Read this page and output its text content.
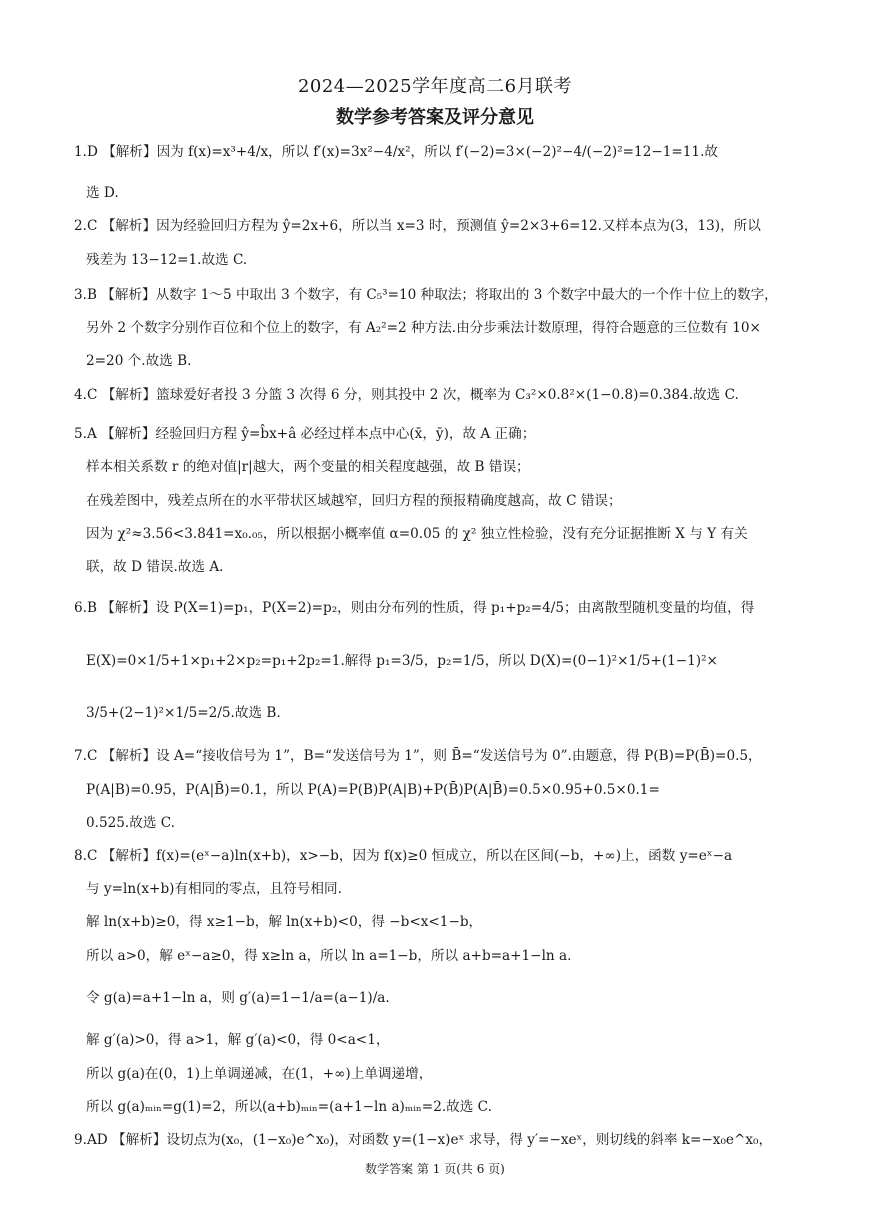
2024—2025学年度高二6月联考
数学参考答案及评分意见
1.D 【解析】因为 f(x)=x³+4/x，所以 f′(x)=3x²−4/x²，所以 f′(−2)=3×(−2)²−4/(−2)²=12−1=11.故
选 D.
2.C 【解析】因为经验回归方程为 ŷ=2x+6，所以当 x=3 时，预测值 ŷ=2×3+6=12.又样本点为(3，13)，所以
残差为 13−12=1.故选 C.
3.B 【解析】从数字 1～5 中取出 3 个数字，有 C₅³=10 种取法；将取出的 3 个数字中最大的一个作十位上的数字，
另外 2 个数字分别作百位和个位上的数字，有 A₂²=2 种方法.由分步乘法计数原理，得符合题意的三位数有 10×
2=20 个.故选 B.
4.C 【解析】篮球爱好者投 3 分篮 3 次得 6 分，则其投中 2 次，概率为 C₃²×0.8²×(1−0.8)=0.384.故选 C.
5.A 【解析】经验回归方程 ŷ=b̂x+â 必经过样本点中心(x̄，ȳ)，故 A 正确；
样本相关系数 r 的绝对值|r|越大，两个变量的相关程度越强，故 B 错误；
在残差图中，残差点所在的水平带状区域越窄，回归方程的预报精确度越高，故 C 错误；
因为 χ²≈3.56<3.841=x₀.₀₅，所以根据小概率值 α=0.05 的 χ² 独立性检验，没有充分证据推断 X 与 Y 有关
联，故 D 错误.故选 A.
6.B 【解析】设 P(X=1)=p₁，P(X=2)=p₂，则由分布列的性质，得 p₁+p₂=4/5；由离散型随机变量的均值，得
E(X)=0×1/5+1×p₁+2×p₂=p₁+2p₂=1.解得 p₁=3/5，p₂=1/5，所以 D(X)=(0−1)²×1/5+(1−1)²×
3/5+(2−1)²×1/5=2/5.故选 B.
7.C 【解析】设 A=“接收信号为 1”，B=“发送信号为 1”，则 B̄=“发送信号为 0”.由题意，得 P(B)=P(B̄)=0.5，
P(A|B)=0.95，P(A|B̄)=0.1，所以 P(A)=P(B)P(A|B)+P(B̄)P(A|B̄)=0.5×0.95+0.5×0.1=
0.525.故选 C.
8.C 【解析】f(x)=(eˣ−a)ln(x+b)，x>−b，因为 f(x)≥0 恒成立，所以在区间(−b，+∞)上，函数 y=eˣ−a
与 y=ln(x+b)有相同的零点，且符号相同.
解 ln(x+b)≥0，得 x≥1−b，解 ln(x+b)<0，得 −b<x<1−b，
所以 a>0，解 eˣ−a≥0，得 x≥ln a，所以 ln a=1−b，所以 a+b=a+1−ln a.
令 g(a)=a+1−ln a，则 g′(a)=1−1/a=(a−1)/a.
解 g′(a)>0，得 a>1，解 g′(a)<0，得 0<a<1，
所以 g(a)在(0，1)上单调递减，在(1，+∞)上单调递增，
所以 g(a)ₘᵢₙ=g(1)=2，所以(a+b)ₘᵢₙ=(a+1−ln a)ₘᵢₙ=2.故选 C.
9.AD 【解析】设切点为(x₀，(1−x₀)e^x₀)，对函数 y=(1−x)eˣ 求导，得 y′=−xeˣ，则切线的斜率 k=−x₀e^x₀，
数学答案 第 1 页(共 6 页)
